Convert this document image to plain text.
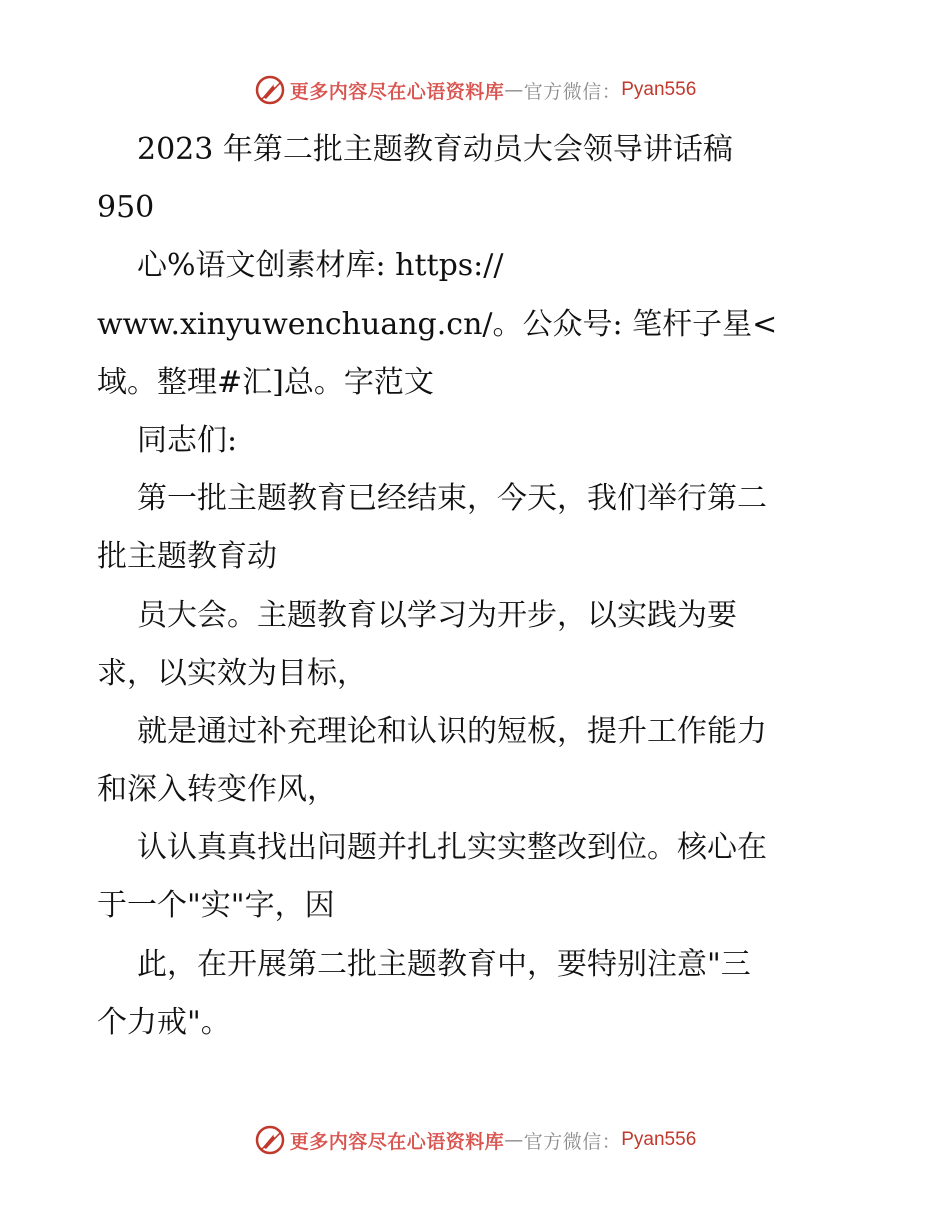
更多内容尽在心语资料库 — 官方微信： Pyan556
2023 年第二批主题教育动员大会领导讲话稿
950
心%语文创素材库: https://
www.xinyuwenchuang.cn/。公众号: 笔杆子星<
域。整理#汇]总。字范文
同志们:
第一批主题教育已经结束，今天，我们举行第二
批主题教育动
员大会。主题教育以学习为开步，以实践为要
求，以实效为目标，
就是通过补充理论和认识的短板，提升工作能力
和深入转变作风，
认认真真找出问题并扎扎实实整改到位。核心在
于一个"实"字，因
此，在开展第二批主题教育中，要特别注意"三
个力戒"。
更多内容尽在心语资料库 — 官方微信： Pyan556
